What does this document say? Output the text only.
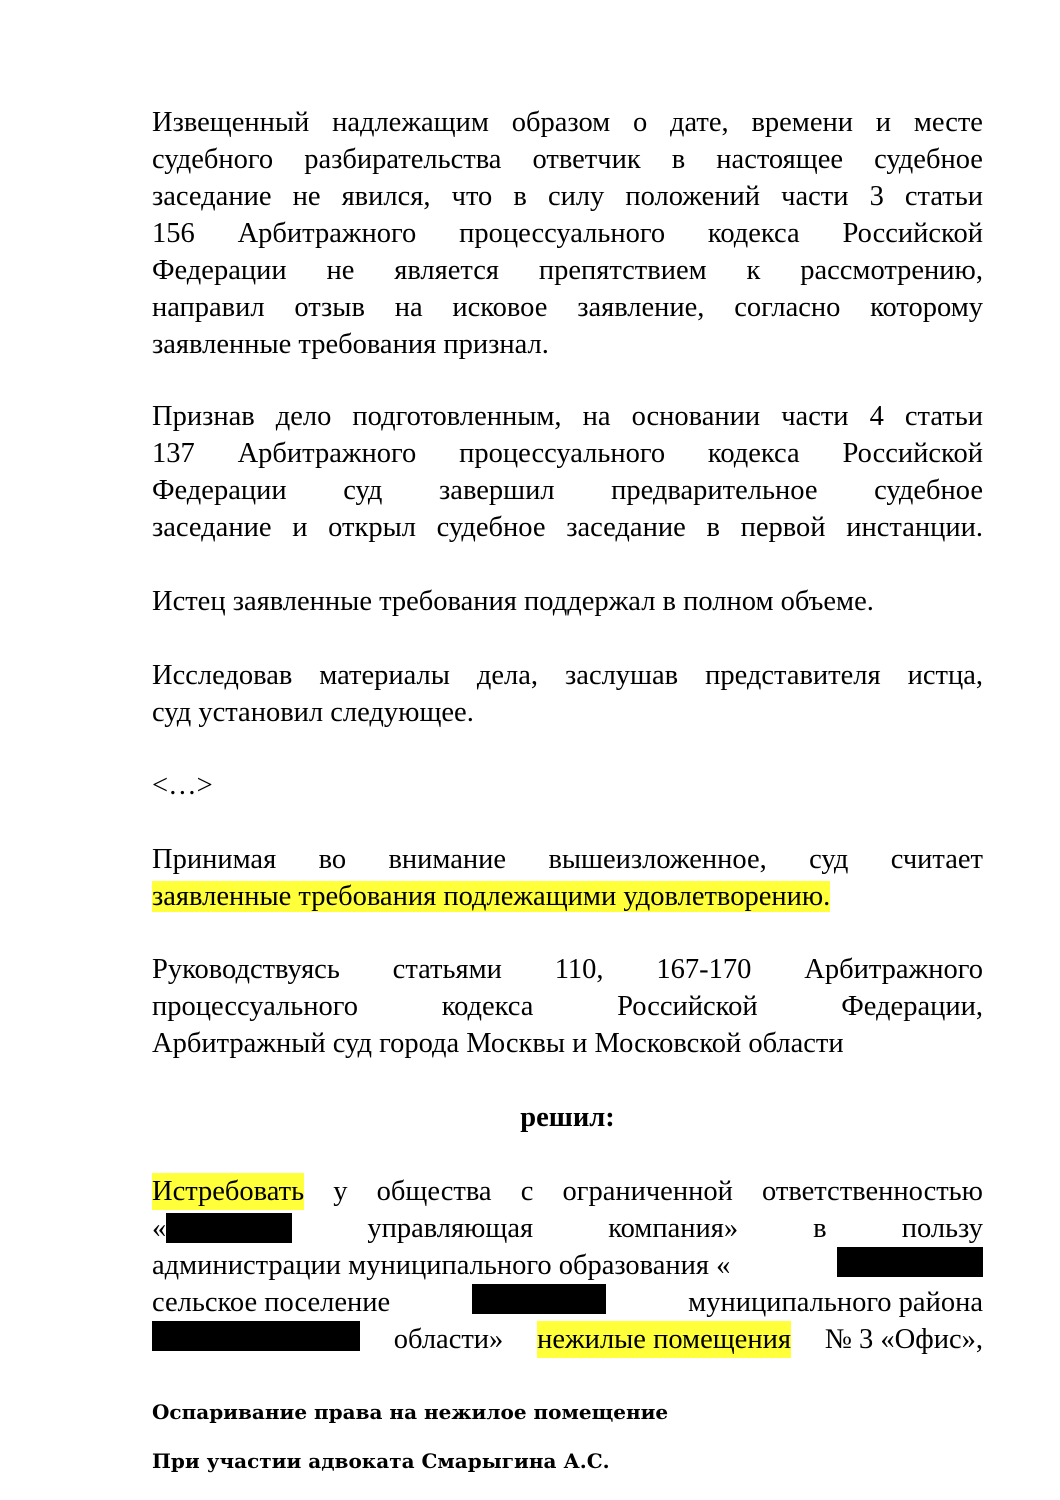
Извещенный надлежащим образом о дате, времени и месте
судебного разбирательства ответчик в настоящее судебное
заседание не явился, что в силу положений части 3 статьи
156 Арбитражного процессуального кодекса Российской
Федерации не является препятствием к рассмотрению,
направил отзыв на исковое заявление, согласно которому
заявленные требования признал.
Признав дело подготовленным, на основании части 4 статьи
137 Арбитражного процессуального кодекса Российской
Федерации суд завершил предварительное судебное
заседание и открыл судебное заседание в первой инстанции.
Истец заявленные требования поддержал в полном объеме.
Исследовав материалы дела, заслушав представителя истца,
суд установил следующее.
<…>
Принимая во внимание вышеизложенное, суд считает
заявленные требования подлежащими удовлетворению.
Руководствуясь статьями 110, 167-170 Арбитражного
процессуального	кодекса	Российской	Федерации,
Арбитражный суд города Москвы и Московской области
решил:
Истребовать у общества с ограниченной ответственностью
«	управляющая	компания»	в	пользу
администрации муниципального образования «
сельское поселение	муниципального района
области» нежилые помещения № 3 «Офис»,
Оспаривание права на нежилое помещение
При участии адвоката Смарыгина А.С.
